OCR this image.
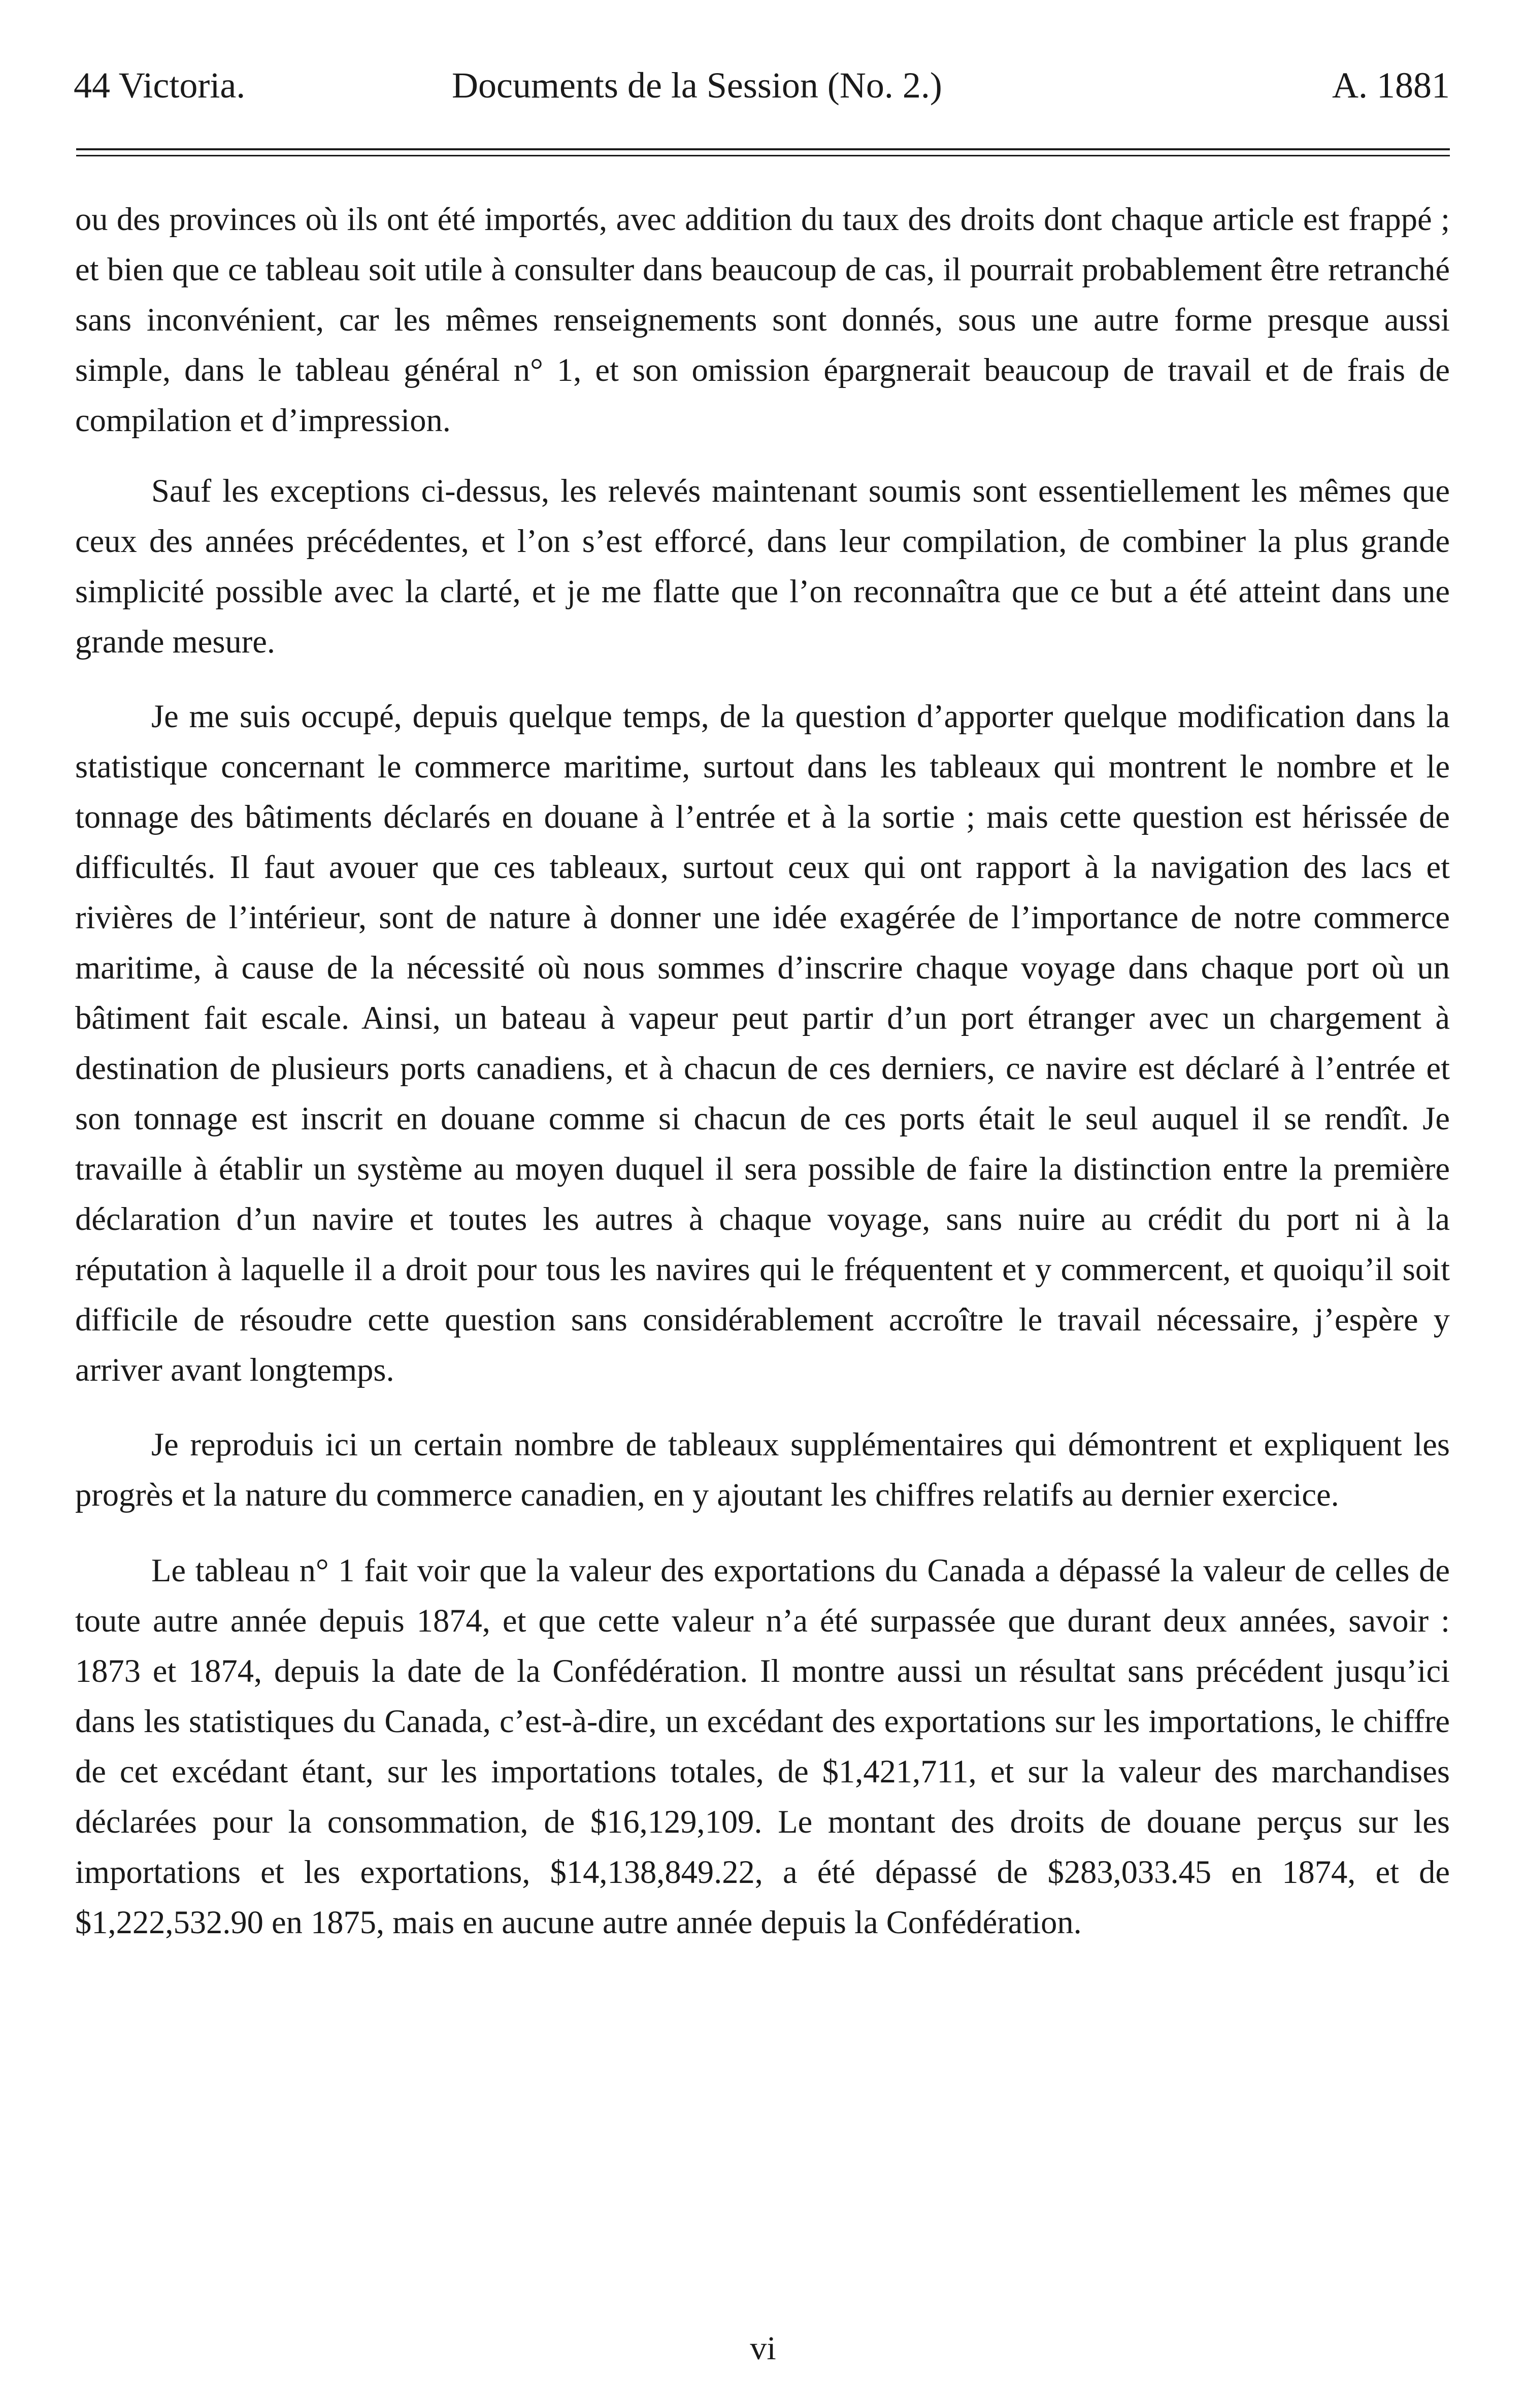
44 Victoria.	Documents de la Session (No. 2.)	A. 1881

ou des provinces où ils ont été importés, avec addition du taux des droits dont chaque article est frappé ; et bien que ce tableau soit utile à consulter dans beaucoup de cas, il pourrait probablement être retranché sans inconvénient, car les mêmes renseignements sont donnés, sous une autre forme presque aussi simple, dans le tableau général n° 1, et son omission épargnerait beaucoup de travail et de frais de compilation et d’impression.

Sauf les exceptions ci-dessus, les relevés maintenant soumis sont essentiellement les mêmes que ceux des années précédentes, et l’on s’est efforcé, dans leur compilation, de combiner la plus grande simplicité possible avec la clarté, et je me flatte que l’on reconnaîtra que ce but a été atteint dans une grande mesure.

Je me suis occupé, depuis quelque temps, de la question d’apporter quelque modification dans la statistique concernant le commerce maritime, surtout dans les tableaux qui montrent le nombre et le tonnage des bâtiments déclarés en douane à l’entrée et à la sortie ; mais cette question est hérissée de difficultés. Il faut avouer que ces tableaux, surtout ceux qui ont rapport à la navigation des lacs et rivières de l’intérieur, sont de nature à donner une idée exagérée de l’importance de notre commerce maritime, à cause de la nécessité où nous sommes d’inscrire chaque voyage dans chaque port où un bâtiment fait escale. Ainsi, un bateau à vapeur peut partir d’un port étranger avec un chargement à destination de plusieurs ports canadiens, et à chacun de ces derniers, ce navire est déclaré à l’entrée et son tonnage est inscrit en douane comme si chacun de ces ports était le seul auquel il se rendît. Je travaille à établir un système au moyen duquel il sera possible de faire la distinction entre la première déclaration d’un navire et toutes les autres à chaque voyage, sans nuire au crédit du port ni à la réputation à laquelle il a droit pour tous les navires qui le fréquentent et y commercent, et quoiqu’il soit difficile de résoudre cette question sans considérablement accroître le travail nécessaire, j’espère y arriver avant longtemps.

Je reproduis ici un certain nombre de tableaux supplémentaires qui démontrent et expliquent les progrès et la nature du commerce canadien, en y ajoutant les chiffres relatifs au dernier exercice.

Le tableau n° 1 fait voir que la valeur des exportations du Canada a dépassé la valeur de celles de toute autre année depuis 1874, et que cette valeur n’a été surpassée que durant deux années, savoir : 1873 et 1874, depuis la date de la Confédération. Il montre aussi un résultat sans précédent jusqu’ici dans les statistiques du Canada, c’est-à-dire, un excédant des exportations sur les importations, le chiffre de cet excédant étant, sur les importations totales, de $1,421,711, et sur la valeur des marchandises déclarées pour la consommation, de $16,129,109. Le montant des droits de douane perçus sur les importations et les exportations, $14,138,849.22, a été dépassé de $283,033.45 en 1874, et de $1,222,532.90 en 1875, mais en aucune autre année depuis la Confédération.

vi
